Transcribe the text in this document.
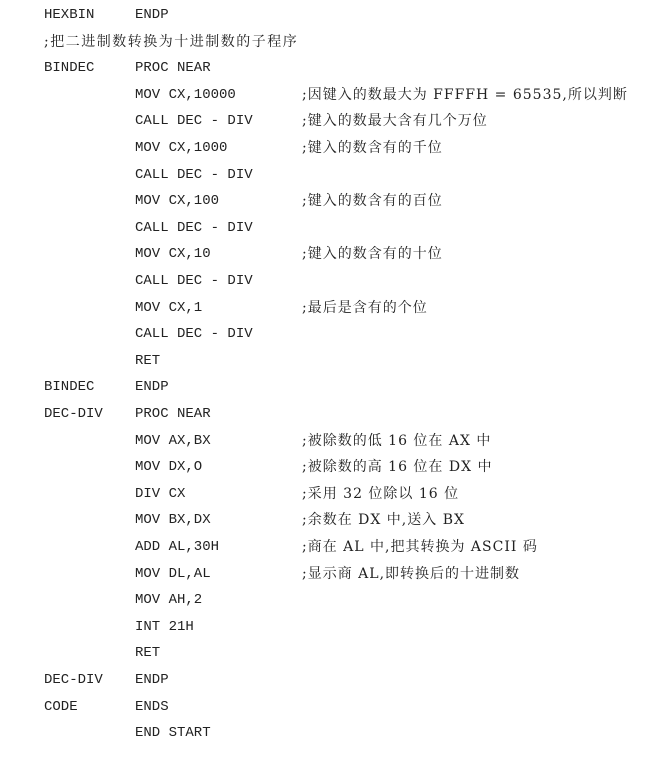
HEXBIN	ENDP
;把二进制数转换为十进制数的子程序
BINDEC	PROC NEAR
MOV CX,10000	;因键入的数最大为 FFFFH = 65535,所以判断
CALL DEC - DIV	;键入的数最大含有几个万位
MOV CX,1000	;键入的数含有的千位
CALL DEC - DIV
MOV CX,100	;键入的数含有的百位
CALL DEC - DIV
MOV CX,10	;键入的数含有的十位
CALL DEC - DIV
MOV CX,1	;最后是含有的个位
CALL DEC - DIV
RET
BINDEC	ENDP
DEC-DIV PROC NEAR
MOV AX,BX	;被除数的低 16 位在 AX 中
MOV DX,O	;被除数的高 16 位在 DX 中
DIV CX	;采用 32 位除以 16 位
MOV BX,DX	;余数在 DX 中,送入 BX
ADD AL,30H	;商在 AL 中,把其转换为 ASCII 码
MOV DL,AL	;显示商 AL,即转换后的十进制数
MOV AH,2
INT 21H
RET
DEC-DIV ENDP
CODE	ENDS
END START
